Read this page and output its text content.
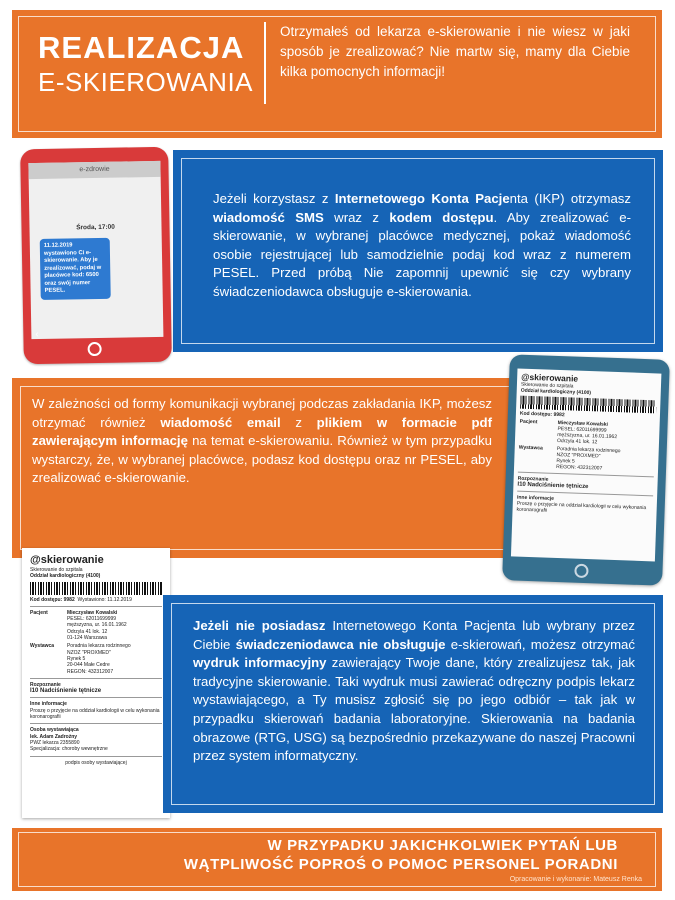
REALIZACJA
E-SKIEROWANIA
Otrzymałeś od lekarza e-skierowanie i nie wiesz w jaki sposób je zrealizować? Nie martw się, mamy dla Ciebie kilka pomocnych informacji!
Jeżeli korzystasz z Internetowego Konta Pacjenta (IKP) otrzymasz wiadomość SMS wraz z kodem dostępu. Aby zrealizować e-skierowanie, w wybranej placówce medycznej, pokaż wiadomość osobie rejestrującej lub samodzielnie podaj kod wraz z numerem PESEL. Przed próbą Nie zapomnij upewnić się czy wybrany świadczeniodawca obsługuje e-skierowania.
e-zdrowie
Środa, 17:00
11.12.2019 wystawiono Ci e-skierowanie. Aby je zrealizować, podaj w placówce kod: 6500 oraz swój numer PESEL.
‹
W zależności od formy komunikacji wybranej podczas zakładania IKP, możesz otrzymać również wiadomość email z plikiem w formacie pdf zawierającym informację na temat e-skierowaniu. Również w tym przypadku wystarczy, że, w wybranej placówce, podasz kod dostępu oraz nr PESEL, aby zrealizować e-skierowanie.
@skierowanie
Skierowanie do szpitala
Oddział kardiologiczny (4100)
Kod dostępu:
9982
Pacjent	Mieczysław Kowalski
PESEL: 62011699999
męższyzna, ur. 16.01.1962
Odrzyla 41 lok. 12
Wystawca	Poradnia lekarza rodzinnego
NZOZ "PROXMED"
Rynek 5
REGON: 432312007
Rozpoznanie
I10 Nadciśnienie tętnicze
Inne informacje
Proszę o przyjęcie na oddział kardiologii w celu wykonania koronarografii
@skierowanie
Skierowanie do szpitala
Oddział kardiologiczny (4100)
Kod dostępu:
9982
Wystawiono: 11.12.2019
Pacjent	Mieczysław Kowalski
PESEL: 62011699999
męższyzna, ur. 16.01.1962
Odrzyla 41 lok. 12
01-124 Warszawa
Wystawca	Poradnia lekarza rodzinnego
NZOZ "PROXMED"
Rynek 5
20-044 Małe Cedre
REGON: 432312007
Rozpoznanie
I10 Nadciśnienie tętnicze
Inne informacje
Proszę o przyjęcie na oddział kardiologii w celu wykonania koronarografii
Osoba wystawiająca
lek. Adam Zadrożny
PWZ lekarza 2355890
Specjalizacja: choroby wewnętrzne
podpis osoby wystawiającej
Jeżeli nie posiadasz Internetowego Konta Pacjenta lub wybrany przez Ciebie świadczeniodawca nie obsługuje e-skierowań, możesz otrzymać wydruk informacyjny zawierający Twoje dane, który zrealizujesz tak, jak tradycyjne skierowanie. Taki wydruk musi zawierać odręczny podpis lekarz wystawiającego, a Ty musisz zgłosić się po jego odbiór – tak jak w przypadku skierowań badania laboratoryjne. Skierowania na badania obrazowe (RTG, USG) są bezpośrednio przekazywane do naszej Pracowni przez system informatyczny.
W PRZYPADKU JAKICHKOLWIEK PYTAŃ LUB
WĄTPLIWOŚĆ POPROŚ O POMOC PERSONEL PORADNI
Opracowanie i wykonanie: Mateusz Renka
